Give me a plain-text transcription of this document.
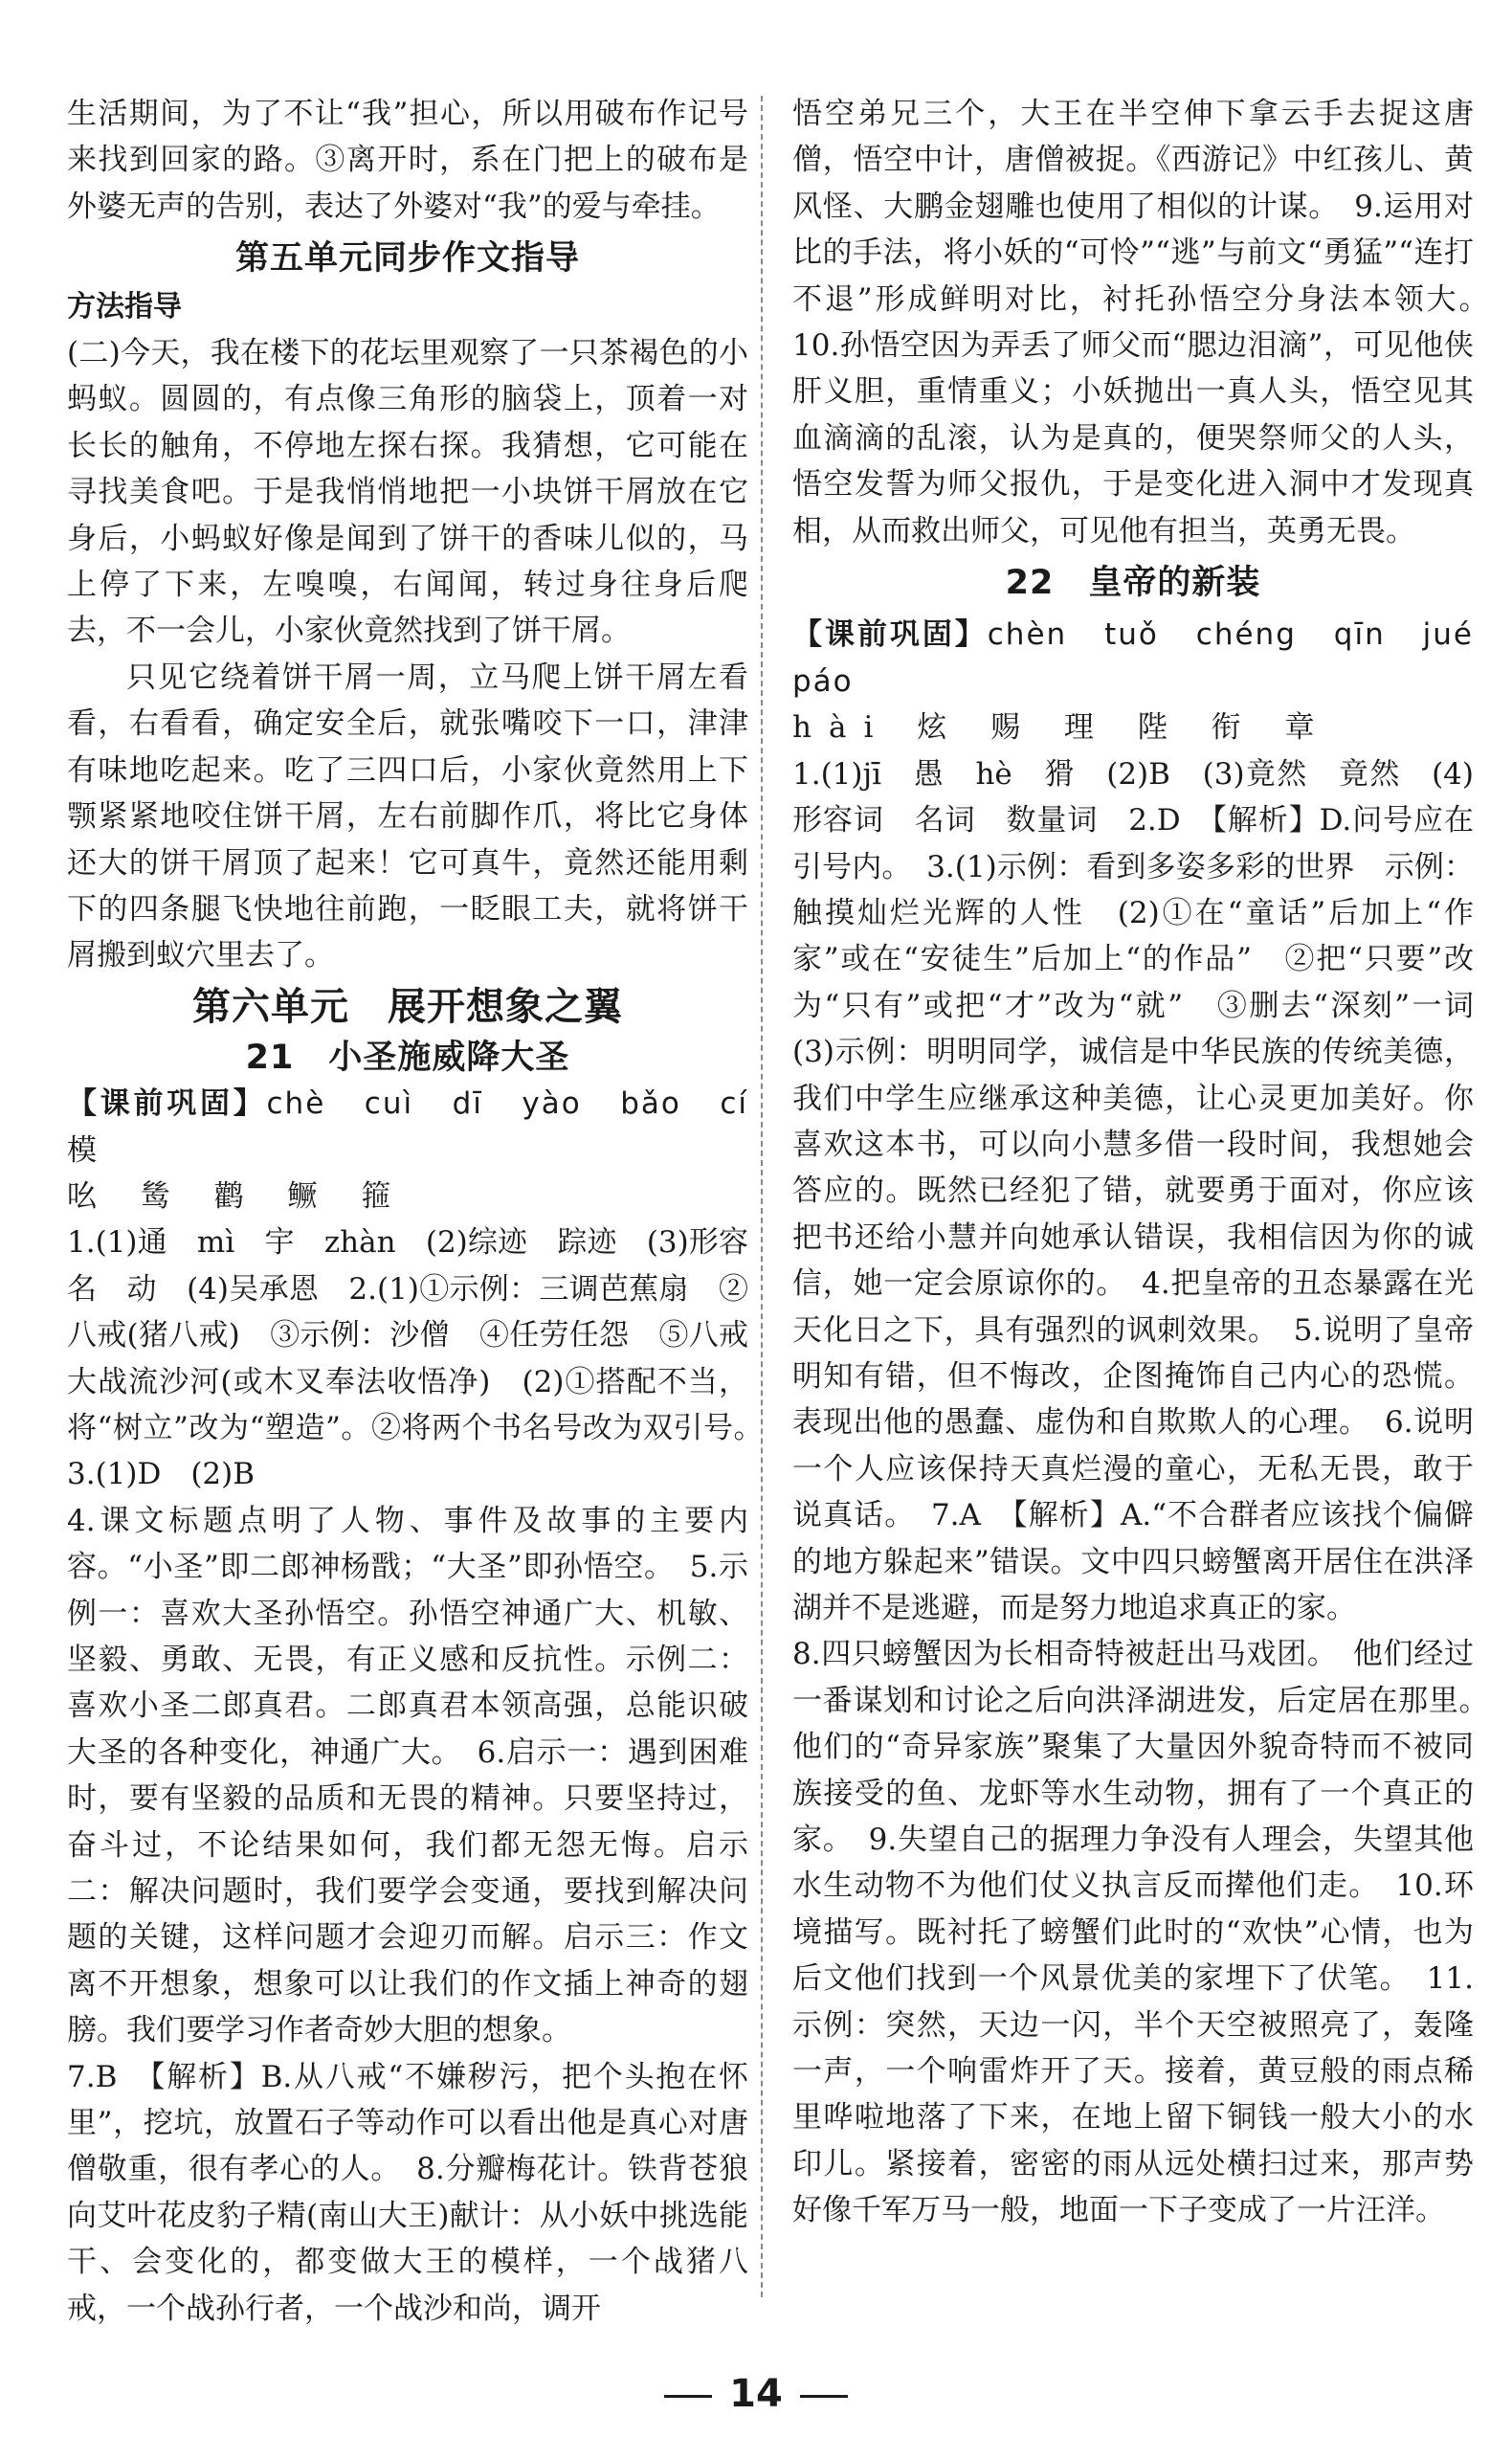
生活期间，为了不让“我”担心，所以用破布作记号来找到回家的路。③离开时，系在门把上的破布是外婆无声的告别，表达了外婆对“我”的爱与牵挂。

第五单元同步作文指导

方法指导

(二)今天，我在楼下的花坛里观察了一只茶褐色的小蚂蚁。圆圆的，有点像三角形的脑袋上，顶着一对长长的触角，不停地左探右探。我猜想，它可能在寻找美食吧。于是我悄悄地把一小块饼干屑放在它身后，小蚂蚁好像是闻到了饼干的香味儿似的，马上停了下来，左嗅嗅，右闻闻，转过身往身后爬去，不一会儿，小家伙竟然找到了饼干屑。

只见它绕着饼干屑一周，立马爬上饼干屑左看看，右看看，确定安全后，就张嘴咬下一口，津津有味地吃起来。吃了三四口后，小家伙竟然用上下颚紧紧地咬住饼干屑，左右前脚作爪，将比它身体还大的饼干屑顶了起来！它可真牛，竟然还能用剩下的四条腿飞快地往前跑，一眨眼工夫，就将饼干屑搬到蚁穴里去了。

第六单元 展开想象之翼

21　小圣施威降大圣

【课前巩固】chè　cuì　dī　yào　bǎo　cí　模

吆 鸶 鹳 鳜 箍

1.(1)通　mì　宇　zhàn　(2)综迹　踪迹　(3)形容　名　动　(4)吴承恩　2.(1)①示例：三调芭蕉扇　②八戒(猪八戒)　③示例：沙僧　④任劳任怨　⑤八戒大战流沙河(或木叉奉法收悟净)　(2)①搭配不当，将“树立”改为“塑造”。②将两个书名号改为双引号。　3.(1)D　(2)B

4.课文标题点明了人物、事件及故事的主要内容。“小圣”即二郎神杨戬；“大圣”即孙悟空。　5.示例一：喜欢大圣孙悟空。孙悟空神通广大、机敏、坚毅、勇敢、无畏，有正义感和反抗性。示例二：喜欢小圣二郎真君。二郎真君本领高强，总能识破大圣的各种变化，神通广大。　6.启示一：遇到困难时，要有坚毅的品质和无畏的精神。只要坚持过，奋斗过，不论结果如何，我们都无怨无悔。启示二：解决问题时，我们要学会变通，要找到解决问题的关键，这样问题才会迎刃而解。启示三：作文离不开想象，想象可以让我们的作文插上神奇的翅膀。我们要学习作者奇妙大胆的想象。

7.B　【解析】B.从八戒“不嫌秽污，把个头抱在怀里”，挖坑，放置石子等动作可以看出他是真心对唐僧敬重，很有孝心的人。　8.分瓣梅花计。铁背苍狼向艾叶花皮豹子精(南山大王)献计：从小妖中挑选能干、会变化的，都变做大王的模样，一个战猪八戒，一个战孙行者，一个战沙和尚，调开

悟空弟兄三个，大王在半空伸下拿云手去捉这唐僧，悟空中计，唐僧被捉。《西游记》中红孩儿、黄风怪、大鹏金翅雕也使用了相似的计谋。　9.运用对比的手法，将小妖的“可怜”“逃”与前文“勇猛”“连打不退”形成鲜明对比，衬托孙悟空分身法本领大。　10.孙悟空因为弄丢了师父而“腮边泪滴”，可见他侠肝义胆，重情重义；小妖抛出一真人头，悟空见其血滴滴的乱滚，认为是真的，便哭祭师父的人头，悟空发誓为师父报仇，于是变化进入洞中才发现真相，从而救出师父，可见他有担当，英勇无畏。

22　皇帝的新装

【课前巩固】chèn　tuǒ　chéng　qīn　jué　páo

hài 炫 赐 理 陛 衔 章

1.(1)jī　愚　hè　猾　(2)B　(3)竟然　竟然　(4)形容词　名词　数量词　2.D　【解析】D.问号应在引号内。　3.(1)示例：看到多姿多彩的世界　示例：触摸灿烂光辉的人性　(2)①在“童话”后加上“作家”或在“安徒生”后加上“的作品”　②把“只要”改为“只有”或把“才”改为“就”　③删去“深刻”一词　(3)示例：明明同学，诚信是中华民族的传统美德，我们中学生应继承这种美德，让心灵更加美好。你喜欢这本书，可以向小慧多借一段时间，我想她会答应的。既然已经犯了错，就要勇于面对，你应该把书还给小慧并向她承认错误，我相信因为你的诚信，她一定会原谅你的。　4.把皇帝的丑态暴露在光天化日之下，具有强烈的讽刺效果。　5.说明了皇帝明知有错，但不悔改，企图掩饰自己内心的恐慌。表现出他的愚蠢、虚伪和自欺欺人的心理。　6.说明一个人应该保持天真烂漫的童心，无私无畏，敢于说真话。　7.A　【解析】A.“不合群者应该找个偏僻的地方躲起来”错误。文中四只螃蟹离开居住在洪泽湖并不是逃避，而是努力地追求真正的家。

8.四只螃蟹因为长相奇特被赶出马戏团。　他们经过一番谋划和讨论之后向洪泽湖进发，后定居在那里。　他们的“奇异家族”聚集了大量因外貌奇特而不被同族接受的鱼、龙虾等水生动物，拥有了一个真正的家。　9.失望自己的据理力争没有人理会，失望其他水生动物不为他们仗义执言反而撵他们走。　10.环境描写。既衬托了螃蟹们此时的“欢快”心情，也为后文他们找到一个风景优美的家埋下了伏笔。　11.示例：突然，天边一闪，半个天空被照亮了，轰隆一声，一个响雷炸开了天。接着，黄豆般的雨点稀里哗啦地落了下来，在地上留下铜钱一般大小的水印儿。紧接着，密密的雨从远处横扫过来，那声势好像千军万马一般，地面一下子变成了一片汪洋。

14
